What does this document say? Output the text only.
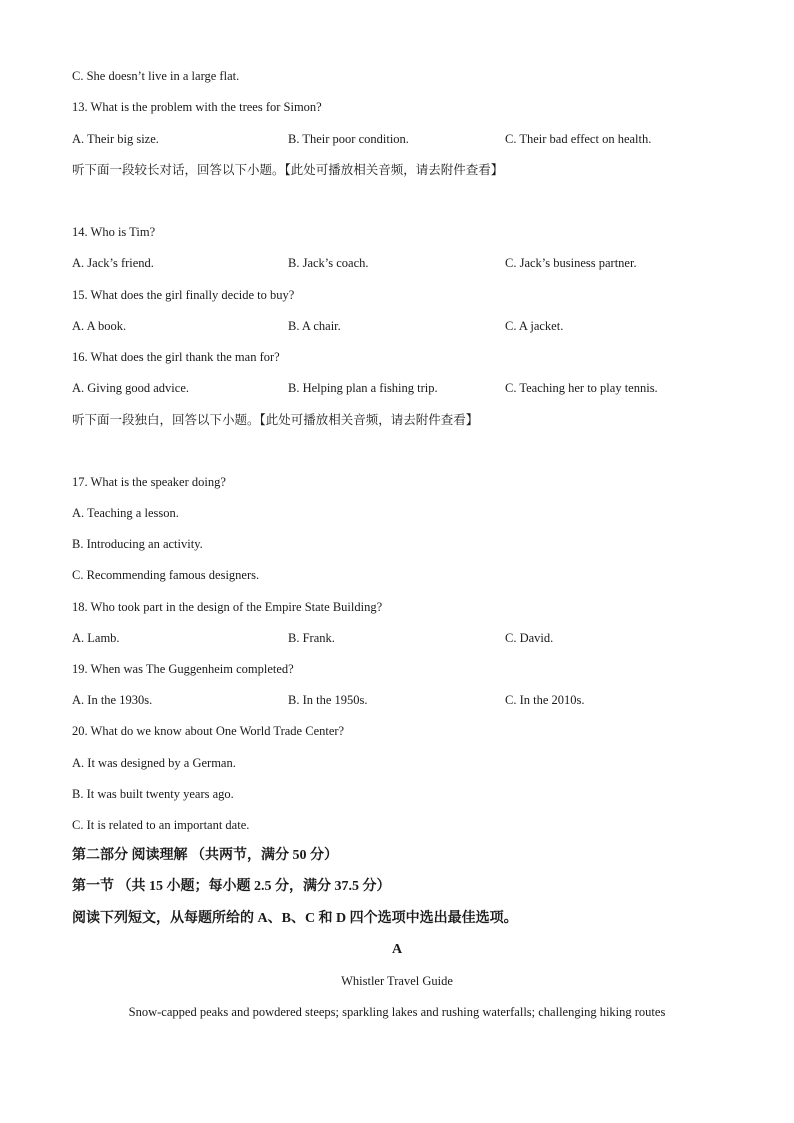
C. She doesn’t live in a large flat.
13. What is the problem with the trees for Simon?
A. Their big size.	B. Their poor condition.	C. Their bad effect on health.
听下面一段较长对话，回答以下小题。【此处可播放相关音频，请去附件查看】
14. Who is Tim?
A. Jack’s friend.	B. Jack’s coach.	C. Jack’s business partner.
15. What does the girl finally decide to buy?
A. A book.	B. A chair.	C. A jacket.
16. What does the girl thank the man for?
A. Giving good advice.	B. Helping plan a fishing trip.	C. Teaching her to play tennis.
听下面一段独白，回答以下小题。【此处可播放相关音频，请去附件查看】
17. What is the speaker doing?
A. Teaching a lesson.
B. Introducing an activity.
C. Recommending famous designers.
18. Who took part in the design of the Empire State Building?
A. Lamb.	B. Frank.	C. David.
19. When was The Guggenheim completed?
A. In the 1930s.	B. In the 1950s.	C. In the 2010s.
20. What do we know about One World Trade Center?
A. It was designed by a German.
B. It was built twenty years ago.
C. It is related to an important date.
第二部分 阅读理解 （共两节，满分 50 分）
第一节 （共 15 小题；每小题 2.5 分，满分 37.5 分）
阅读下列短文，从每题所给的 A、B、C 和 D 四个选项中选出最佳选项。
A
Whistler Travel Guide
Snow-capped peaks and powdered steeps; sparkling lakes and rushing waterfalls; challenging hiking routes
